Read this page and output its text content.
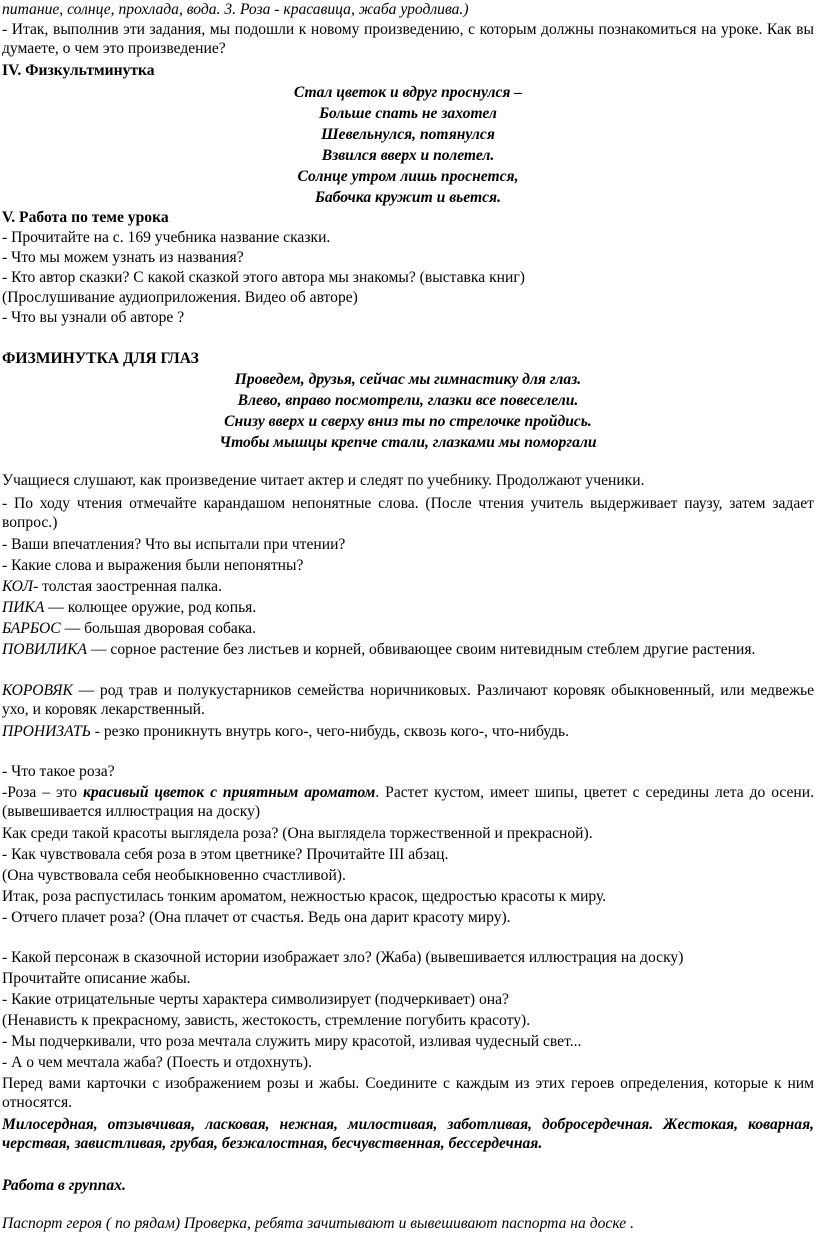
питание, солнце, прохлада, вода. 3. Роза - красавица, жаба уродлива.)

- Итак, выполнив эти задания, мы подошли к новому произведению, с которым должны познакомиться на уроке. Как вы думаете, о чем это произведение?

IV. Физкультминутка

Стал цветок и вдруг проснулся –

Больше спать не захотел

Шевельнулся, потянулся

Взвился вверх и полетел.

Солнце утром лишь проснется,

Бабочка кружит и вьется.

V. Работа по теме урока

- Прочитайте на с. 169 учебника название сказки.

- Что мы можем узнать из названия?

- Кто автор сказки? С какой сказкой этого автора мы знакомы? (выставка книг)

(Прослушивание аудиоприложения. Видео об авторе)

- Что вы узнали об авторе ?

ФИЗМИНУТКА ДЛЯ ГЛАЗ

Проведем, друзья, сейчас мы гимнастику для глаз.

Влево, вправо посмотрели, глазки все повеселели.

Снизу вверх и сверху вниз ты по стрелочке пройдись.

Чтобы мышцы крепче стали, глазками мы поморгали

Учащиеся слушают, как произведение читает актер и следят по учебнику. Продолжают ученики.

- По ходу чтения отмечайте карандашом непонятные слова. (После чтения учитель выдерживает паузу, затем задает вопрос.)

- Ваши впечатления? Что вы испытали при чтении?

- Какие слова и выражения были непонятны?

КОЛ- толстая заостренная палка.

ПИКА — колющее оружие, род копья.

БАРБОС — большая дворовая собака.

ПОВИЛИКА — сорное растение без листьев и корней, обвивающее своим нитевидным стеблем другие растения.

КОРОВЯК — род трав и полукустарников семейства норичниковых. Различают коровяк обыкновенный, или медвежье ухо, и коровяк лекарственный.

ПРОНИЗАТЬ - резко проникнуть внутрь кого-, чего-нибудь, сквозь кого-, что-нибудь.

- Что такое роза?

-Роза – это красивый цветок с приятным ароматом. Растет кустом, имеет шипы, цветет с середины лета до осени. (вывешивается иллюстрация на доску)

Как среди такой красоты выглядела роза? (Она выглядела торжественной и прекрасной).

- Как чувствовала себя роза в этом цветнике? Прочитайте III абзац.

(Она чувствовала себя необыкновенно счастливой).

Итак, роза распустилась тонким ароматом, нежностью красок, щедростью красоты к миру.

- Отчего плачет роза? (Она плачет от счастья. Ведь она дарит красоту миру).

- Какой персонаж в сказочной истории изображает зло? (Жаба) (вывешивается иллюстрация на доску)

Прочитайте описание жабы.

- Какие отрицательные черты характера символизирует (подчеркивает) она?

(Ненависть к прекрасному, зависть, жестокость, стремление погубить красоту).

- Мы подчеркивали, что роза мечтала служить миру красотой, изливая чудесный свет...

- А о чем мечтала жаба? (Поесть и отдохнуть).

Перед вами карточки с изображением розы и жабы. Соедините с каждым из этих героев определения, которые к ним относятся.

Милосердная, отзывчивая, ласковая, нежная, милостивая, заботливая, добросердечная. Жестокая, коварная, черствая, завистливая, грубая, безжалостная, бесчувственная, бессердечная.

Работа в группах.

Паспорт героя ( по рядам) Проверка, ребята зачитывают и вывешивают паспорта на доске .
